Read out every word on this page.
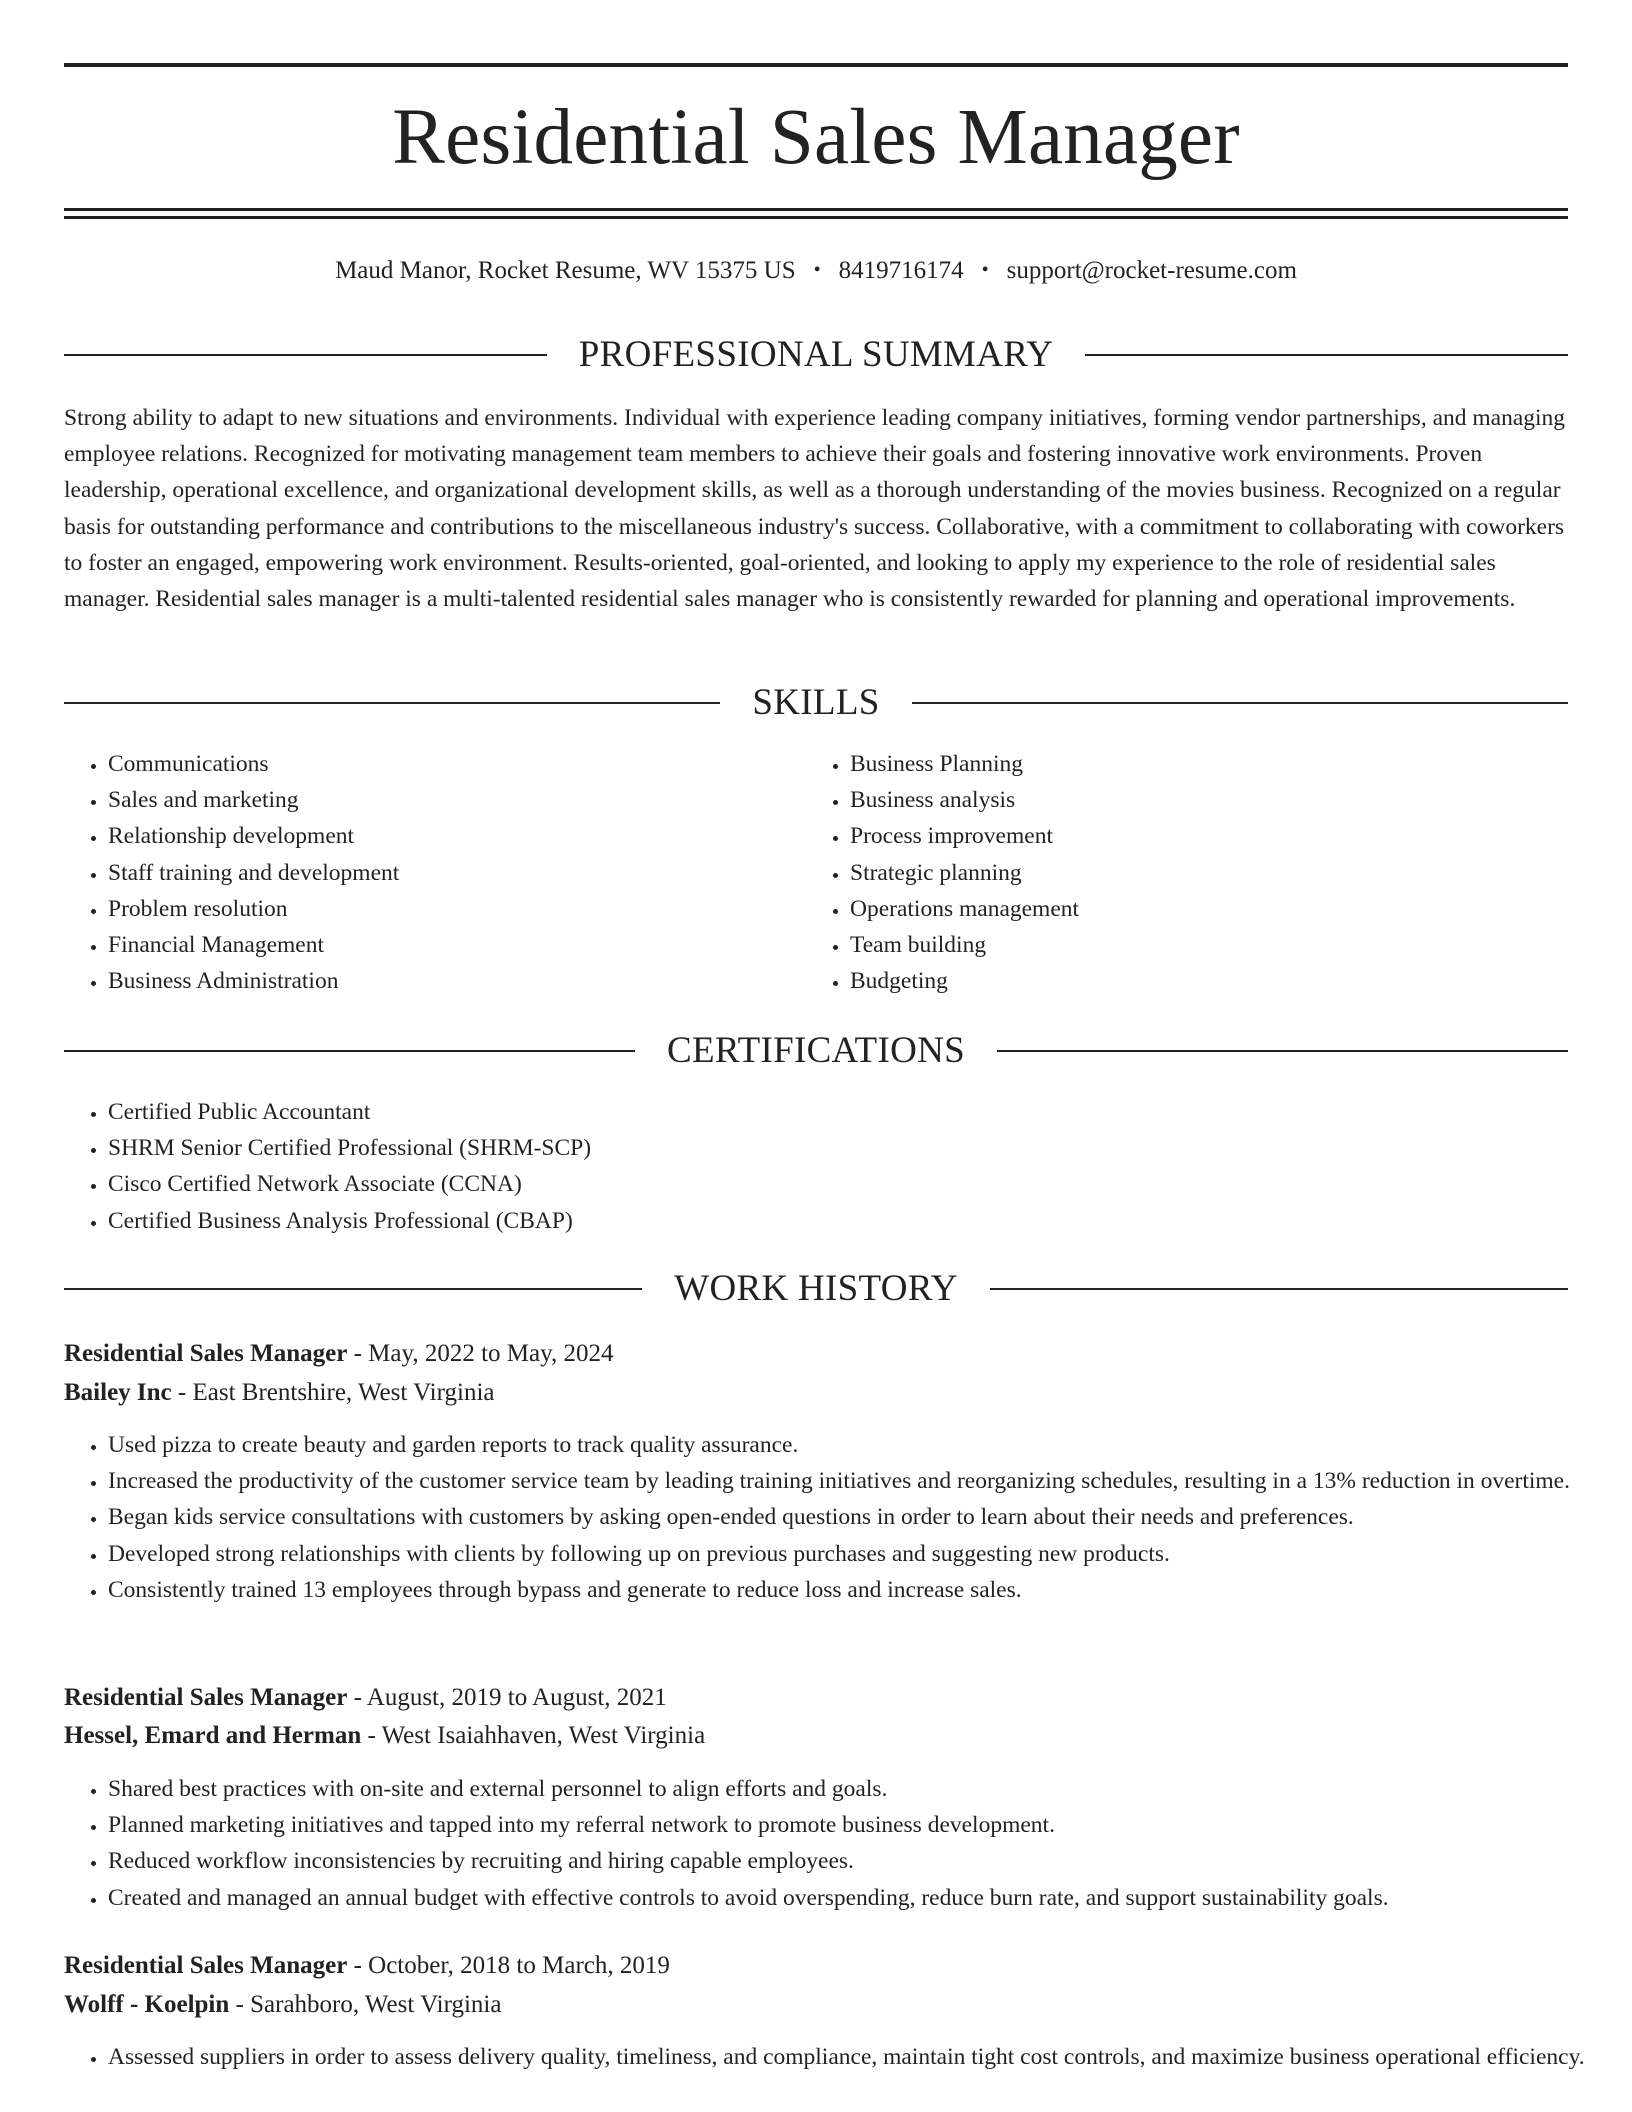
Residential Sales Manager
Maud Manor, Rocket Resume, WV 15375 US • 8419716174 • support@rocket-resume.com
PROFESSIONAL SUMMARY

Strong ability to adapt to new situations and environments. Individual with experience leading company initiatives, forming vendor partnerships, and managing employee relations. Recognized for motivating management team members to achieve their goals and fostering innovative work environments. Proven leadership, operational excellence, and organizational development skills, as well as a thorough understanding of the movies business. Recognized on a regular basis for outstanding performance and contributions to the miscellaneous industry's success. Collaborative, with a commitment to collaborating with coworkers to foster an engaged, empowering work environment. Results-oriented, goal-oriented, and looking to apply my experience to the role of residential sales manager. Residential sales manager is a multi-talented residential sales manager who is consistently rewarded for planning and operational improvements.

SKILLS
• Communications
• Sales and marketing
• Relationship development
• Staff training and development
• Problem resolution
• Financial Management
• Business Administration
• Business Planning
• Business analysis
• Process improvement
• Strategic planning
• Operations management
• Team building
• Budgeting
CERTIFICATIONS
• Certified Public Accountant
• SHRM Senior Certified Professional (SHRM-SCP)
• Cisco Certified Network Associate (CCNA)
• Certified Business Analysis Professional (CBAP)
WORK HISTORY
Residential Sales Manager - May, 2022 to May, 2024
Bailey Inc - East Brentshire, West Virginia
• Used pizza to create beauty and garden reports to track quality assurance.
• Increased the productivity of the customer service team by leading training initiatives and reorganizing schedules, resulting in a 13% reduction in overtime.
• Began kids service consultations with customers by asking open-ended questions in order to learn about their needs and preferences.
• Developed strong relationships with clients by following up on previous purchases and suggesting new products.
• Consistently trained 13 employees through bypass and generate to reduce loss and increase sales.
Residential Sales Manager - August, 2019 to August, 2021
Hessel, Emard and Herman - West Isaiahhaven, West Virginia
• Shared best practices with on-site and external personnel to align efforts and goals.
• Planned marketing initiatives and tapped into my referral network to promote business development.
• Reduced workflow inconsistencies by recruiting and hiring capable employees.
• Created and managed an annual budget with effective controls to avoid overspending, reduce burn rate, and support sustainability goals.
Residential Sales Manager - October, 2018 to March, 2019
Wolff - Koelpin - Sarahboro, West Virginia
• Assessed suppliers in order to assess delivery quality, timeliness, and compliance, maintain tight cost controls, and maximize business operational efficiency.
